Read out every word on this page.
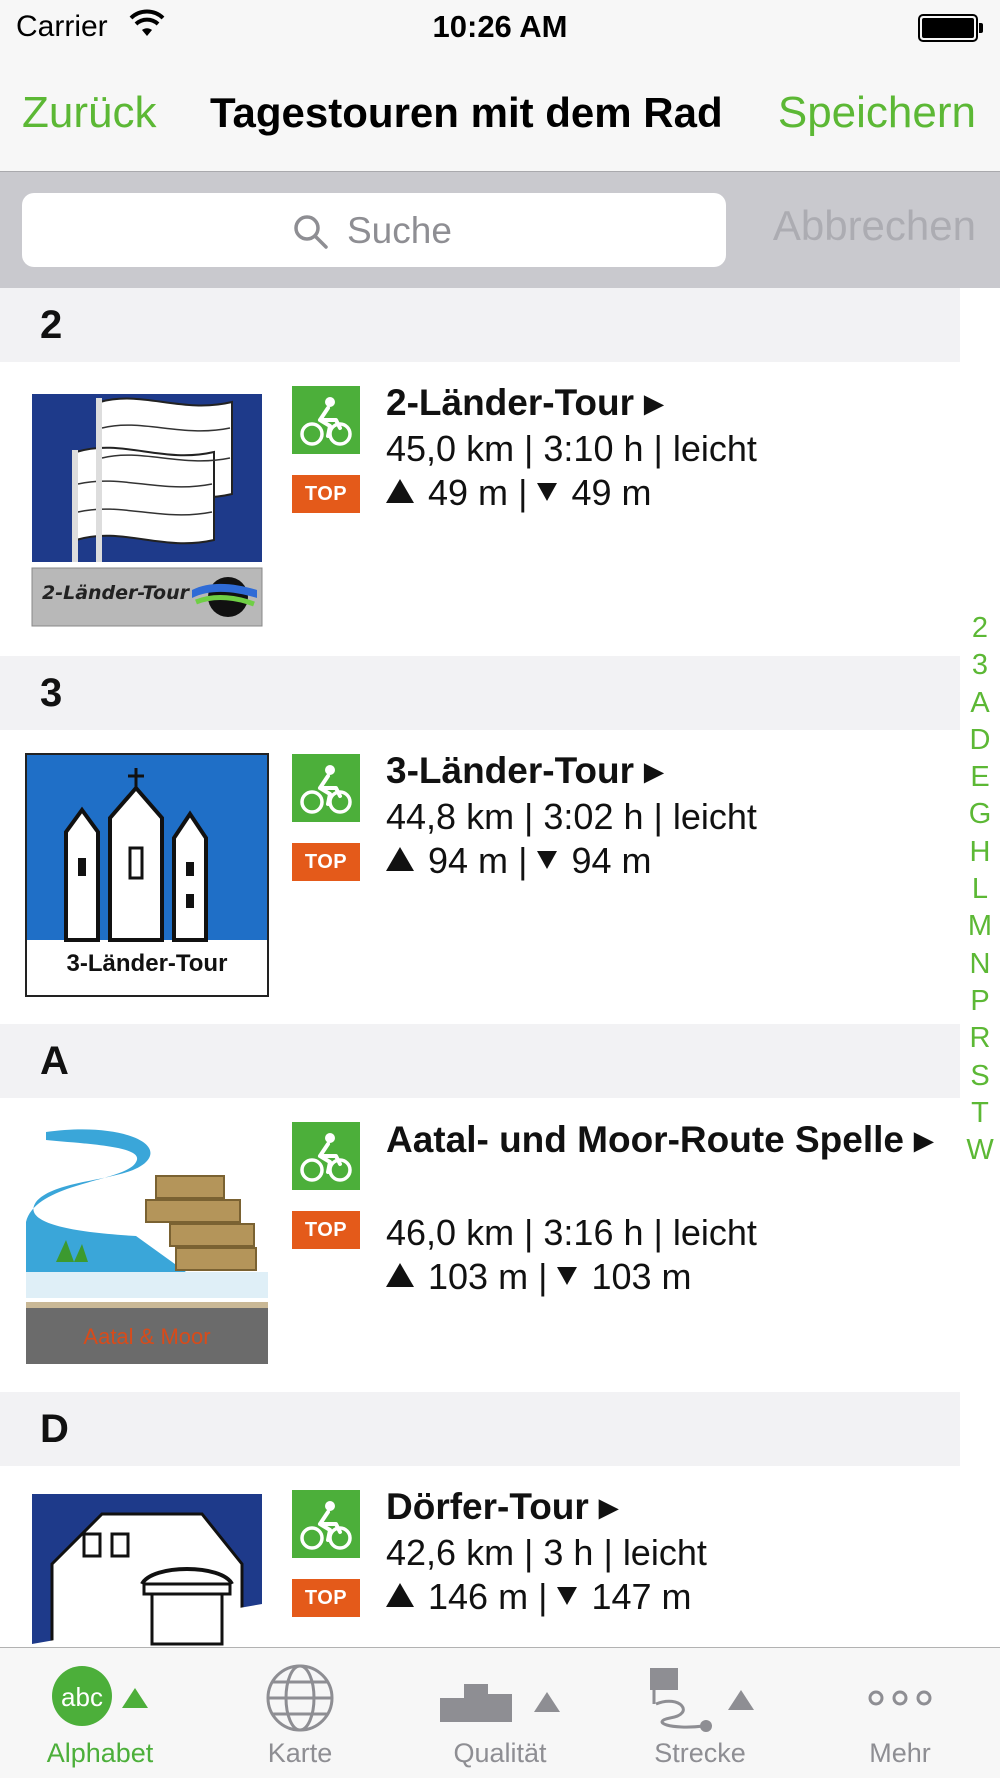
Carrier	10:26 AM
Zurück Tagestouren mit dem Rad Speichern
Suche	Abbrechen
2
2-Länder-Tour
TOP
2-Länder-Tour ▸
45,0 km | 3:10 h | leicht
49 m |  49 m
3
3-Länder-Tour
TOP
3-Länder-Tour ▸
44,8 km | 3:02 h | leicht
94 m |  94 m
A
Aatal & Moor
TOP
Aatal- und Moor-Route Spelle ▸
46,0 km | 3:16 h | leicht
103 m |  103 m
D
TOP
Dörfer-Tour ▸
42,6 km | 3 h | leicht
146 m |  147 m
2
3
A
D
E
G
H
L
M
N
P
R
S
T
W
abc
Alphabet	Karte	Qualität	Strecke	Mehr
